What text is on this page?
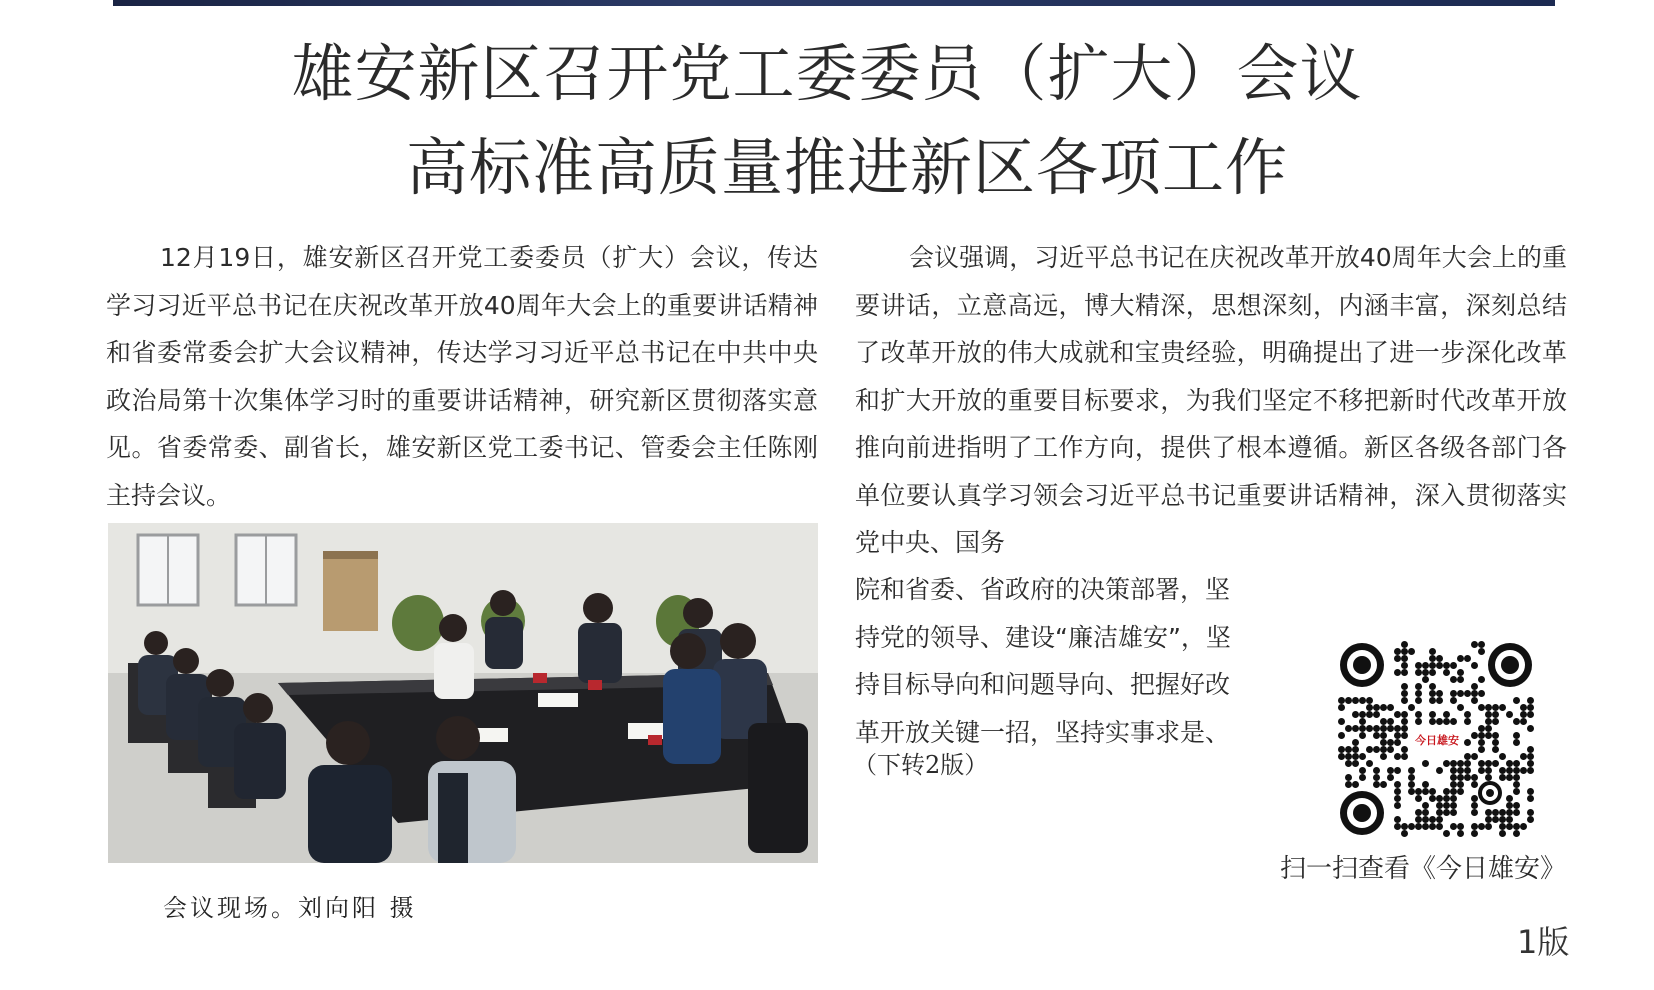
雄安新区召开党工委委员（扩大）会议
高标准高质量推进新区各项工作

12月19日，雄安新区召开党工委委员（扩大）会议，传达学习习近平总书记在庆祝改革开放40周年大会上的重要讲话精神和省委常委会扩大会议精神，传达学习习近平总书记在中共中央政治局第十次集体学习时的重要讲话精神，研究新区贯彻落实意见。省委常委、副省长，雄安新区党工委书记、管委会主任陈刚主持会议。

会议强调，习近平总书记在庆祝改革开放40周年大会上的重要讲话，立意高远，博大精深，思想深刻，内涵丰富，深刻总结了改革开放的伟大成就和宝贵经验，明确提出了进一步深化改革和扩大开放的重要目标要求，为我们坚定不移把新时代改革开放推向前进指明了工作方向，提供了根本遵循。新区各级各部门各单位要认真学习领会习近平总书记重要讲话精神，深入贯彻落实党中央、国务

院和省委、省政府的决策部署，坚
持党的领导、建设“廉洁雄安”，坚
持目标导向和问题导向、把握好改
革开放关键一招，坚持实事求是、

（下转2版）
会议现场。刘向阳 摄
今日雄安
扫一扫查看《今日雄安》
1版
